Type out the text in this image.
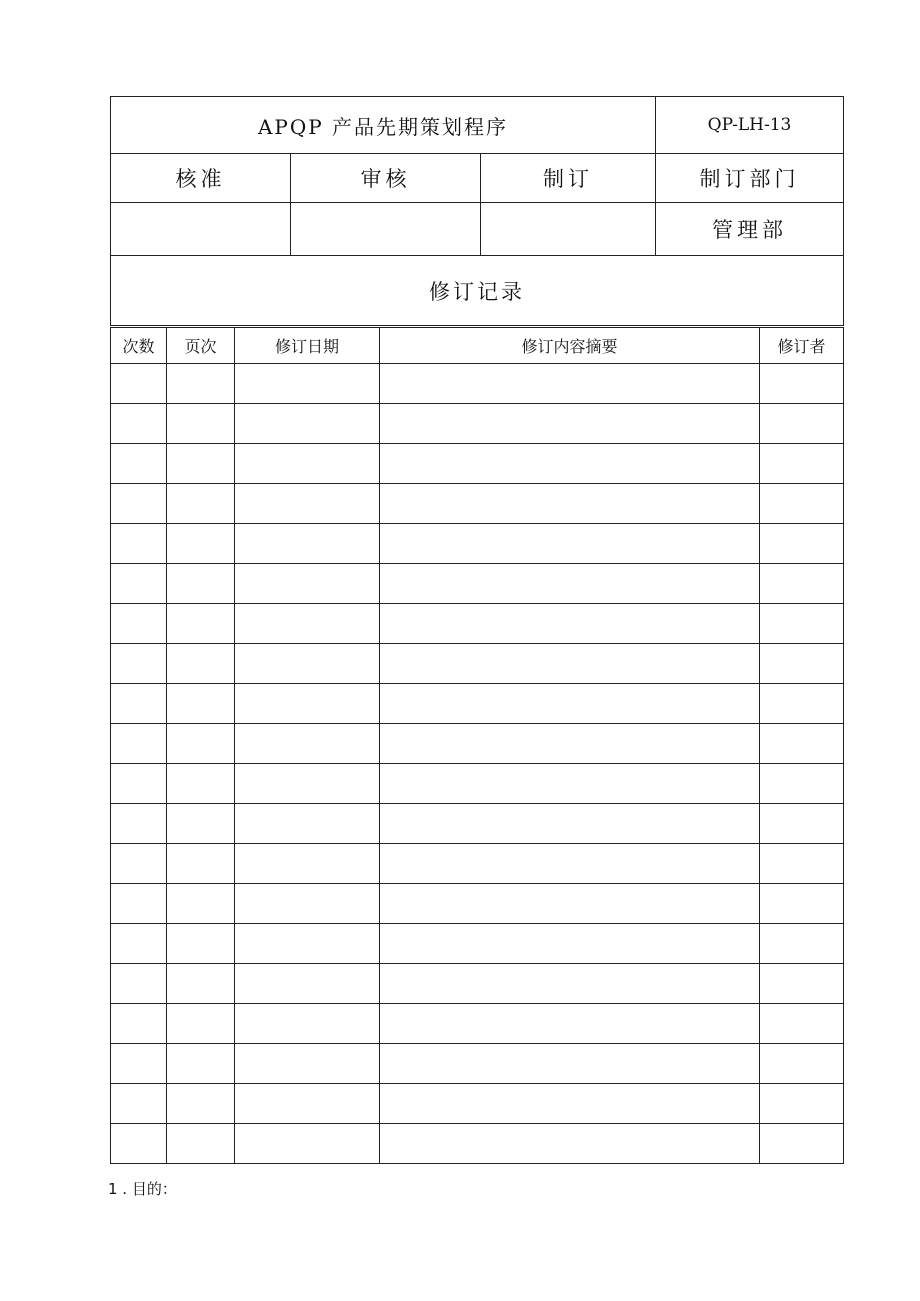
APQP 产品先期策划程序			QP-LH-13
核准	审核	制订	制订部门
			管理部
修订记录			
次数	页次	修订日期	修订内容摘要	修订者

1 . 目的：
